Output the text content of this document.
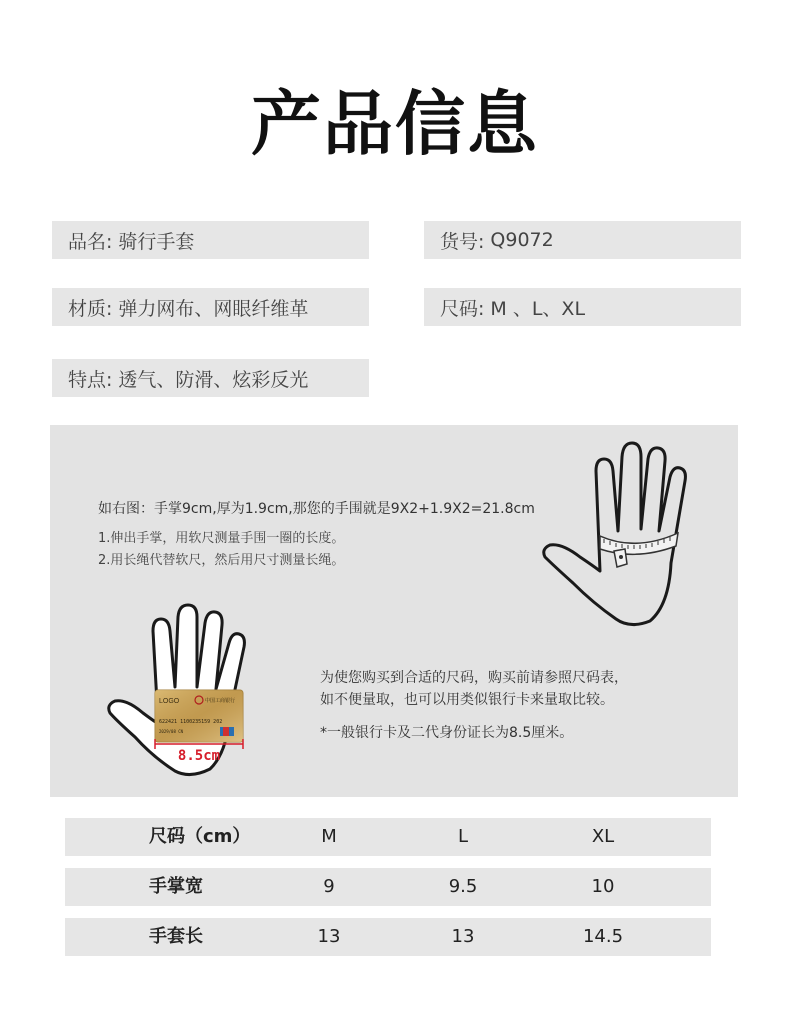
产品信息
品名: 骑行手套	货号: Q9072
材质: 弹力网布、网眼纤维革	尺码: M 、L、XL
特点: 透气、防滑、炫彩反光
如右图：手掌9cm,厚为1.9cm,那您的手围就是9X2+1.9X2=21.8cm
1.伸出手掌，用软尺测量手围一圈的长度。
2.用长绳代替软尺，然后用尺寸测量长绳。
为使您购买到合适的尺码，购买前请参照尺码表，
如不便量取，也可以用类似银行卡来量取比较。
*一般银行卡及二代身份证长为8.5厘米。
LOGO	中国工商银行
622421 1100235159 202
2029/08 CN
8.5cm
尺码（cm）	M	L	XL
手掌宽	9	9.5	10
手套长	13	13	14.5
